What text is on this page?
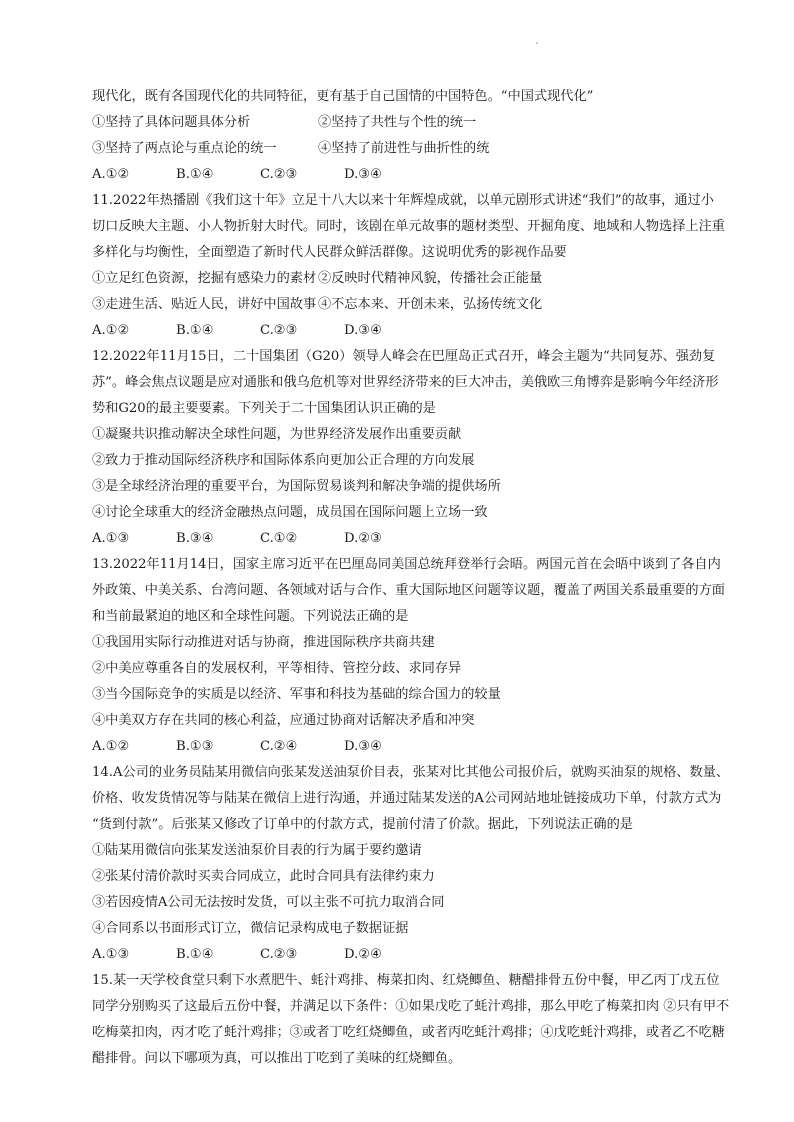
现代化，既有各国现代化的共同特征，更有基于自己国情的中国特色。“中国式现代化”
①坚持了具体问题具体分析	②坚持了共性与个性的统一
③坚持了两点论与重点论的统一	④坚持了前进性与曲折性的统
A.①②	B.①④	C.②③	D.③④
11.2022年热播剧《我们这十年》立足十八大以来十年辉煌成就，以单元剧形式讲述“我们”的故事，通过小
切口反映大主题、小人物折射大时代。同时，该剧在单元故事的题材类型、开掘角度、地域和人物选择上注重
多样化与均衡性，全面塑造了新时代人民群众鲜活群像。这说明优秀的影视作品要
①立足红色资源，挖掘有感染力的素材 ②反映时代精神风貌，传播社会正能量
③走进生活、贴近人民，讲好中国故事 ④不忘本来、开创未来，弘扬传统文化
A.①②	B.①④	C.②③	D.③④
12.2022年11月15日，二十国集团（G20）领导人峰会在巴厘岛正式召开，峰会主题为“共同复苏、强劲复
苏”。峰会焦点议题是应对通胀和俄乌危机等对世界经济带来的巨大冲击，美俄欧三角博弈是影响今年经济形
势和G20的最主要要素。下列关于二十国集团认识正确的是
①凝聚共识推动解决全球性问题，为世界经济发展作出重要贡献
②致力于推动国际经济秩序和国际体系向更加公正合理的方向发展
③是全球经济治理的重要平台，为国际贸易谈判和解决争端的提供场所
④讨论全球重大的经济金融热点问题，成员国在国际问题上立场一致
A.①③	B.③④	C.①②	D.②③
13.2022年11月14日，国家主席习近平在巴厘岛同美国总统拜登举行会晤。两国元首在会晤中谈到了各自内
外政策、中美关系、台湾问题、各领域对话与合作、重大国际地区问题等议题，覆盖了两国关系最重要的方面
和当前最紧迫的地区和全球性问题。下列说法正确的是
①我国用实际行动推进对话与协商，推进国际秩序共商共建
②中美应尊重各自的发展权利，平等相待、管控分歧、求同存异
③当今国际竞争的实质是以经济、军事和科技为基础的综合国力的较量
④中美双方存在共同的核心利益，应通过协商对话解决矛盾和冲突
A.①②	B.①③	C.②④	D.③④
14.A公司的业务员陆某用微信向张某发送油泵价目表，张某对比其他公司报价后，就购买油泵的规格、数量、
价格、收发货情况等与陆某在微信上进行沟通，并通过陆某发送的A公司网站地址链接成功下单，付款方式为
“货到付款”。后张某又修改了订单中的付款方式，提前付清了价款。据此，下列说法正确的是
①陆某用微信向张某发送油泵价目表的行为属于要约邀请
②张某付清价款时买卖合同成立，此时合同具有法律约束力
③若因疫情A公司无法按时发货，可以主张不可抗力取消合同
④合同系以书面形式订立，微信记录构成电子数据证据
A.①③	B.①④	C.②③	D.②④
15.某一天学校食堂只剩下水煮肥牛、蚝汁鸡排、梅菜扣肉、红烧鲫鱼、糖醋排骨五份中餐，甲乙丙丁戊五位
同学分别购买了这最后五份中餐，并满足以下条件：①如果戊吃了蚝汁鸡排，那么甲吃了梅菜扣肉 ②只有甲不
吃梅菜扣肉，丙才吃了蚝汁鸡排；③或者丁吃红烧鲫鱼，或者丙吃蚝汁鸡排；④戊吃蚝汁鸡排，或者乙不吃糖
醋排骨。问以下哪项为真，可以推出丁吃到了美味的红烧鲫鱼。
